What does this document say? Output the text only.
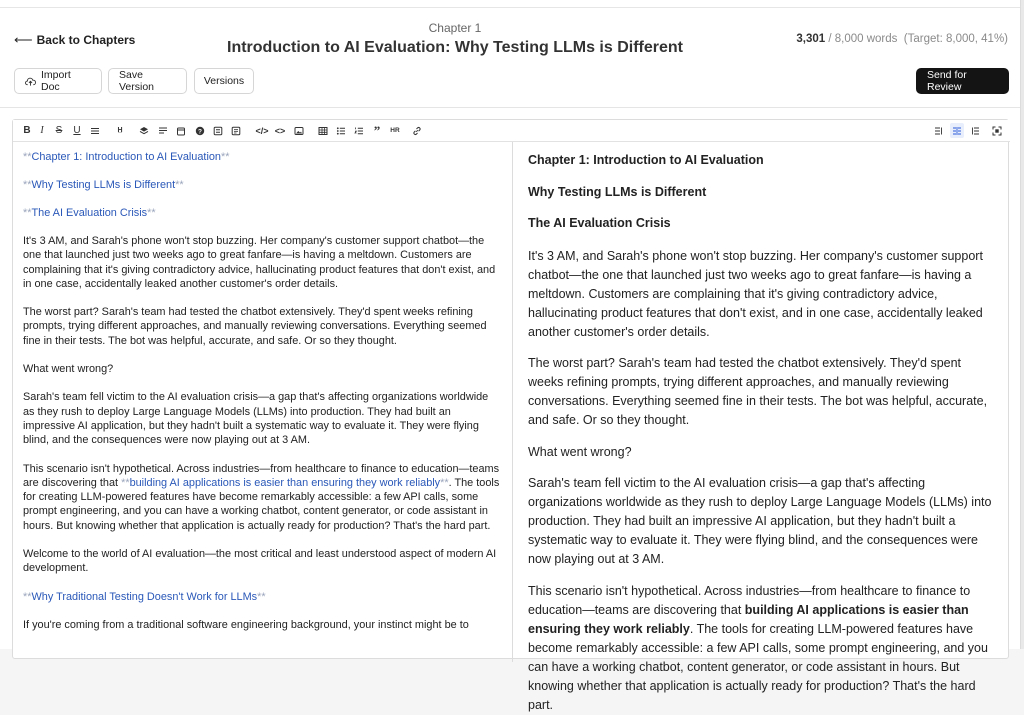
⟵ Back to Chapters
Chapter 1
Introduction to AI Evaluation: Why Testing LLMs is Different	3,301 / 8,000 words (Target: 8,000, 41%)
Import Doc
Save Version	Versions	Send for Review
B I	S	U	H̲	?	</> <>	”	HR
**Chapter 1: Introduction to AI Evaluation**
**Why Testing LLMs is Different**
**The AI Evaluation Crisis**
It's 3 AM, and Sarah's phone won't stop buzzing. Her company's customer support chatbot—the one that launched just two weeks ago to great fanfare—is having a meltdown. Customers are complaining that it's giving contradictory advice, hallucinating product features that don't exist, and in one case, accidentally leaked another customer's order details.
The worst part? Sarah's team had tested the chatbot extensively. They'd spent weeks refining prompts, trying different approaches, and manually reviewing conversations. Everything seemed fine in their tests. The bot was helpful, accurate, and safe. Or so they thought.
What went wrong?
Sarah's team fell victim to the AI evaluation crisis—a gap that's affecting organizations worldwide as they rush to deploy Large Language Models (LLMs) into production. They had built an impressive AI application, but they hadn't built a systematic way to evaluate it. They were flying blind, and the consequences were now playing out at 3 AM.
This scenario isn't hypothetical. Across industries—from healthcare to finance to education—teams are discovering that **building AI applications is easier than ensuring they work reliably**. The tools for creating LLM-powered features have become remarkably accessible: a few API calls, some prompt engineering, and you can have a working chatbot, content generator, or code assistant in hours. But knowing whether that application is actually ready for production? That's the hard part.
Welcome to the world of AI evaluation—the most critical and least understood aspect of modern AI development.
**Why Traditional Testing Doesn't Work for LLMs**
If you're coming from a traditional software engineering background, your instinct might be to
Chapter 1: Introduction to AI Evaluation
Why Testing LLMs is Different
The AI Evaluation Crisis
It's 3 AM, and Sarah's phone won't stop buzzing. Her company's customer support chatbot—the one that launched just two weeks ago to great fanfare—is having a meltdown. Customers are complaining that it's giving contradictory advice, hallucinating product features that don't exist, and in one case, accidentally leaked another customer's order details.
The worst part? Sarah's team had tested the chatbot extensively. They'd spent weeks refining prompts, trying different approaches, and manually reviewing conversations. Everything seemed fine in their tests. The bot was helpful, accurate, and safe. Or so they thought.
What went wrong?
Sarah's team fell victim to the AI evaluation crisis—a gap that's affecting organizations worldwide as they rush to deploy Large Language Models (LLMs) into production. They had built an impressive AI application, but they hadn't built a systematic way to evaluate it. They were flying blind, and the consequences were now playing out at 3 AM.
This scenario isn't hypothetical. Across industries—from healthcare to finance to education—teams are discovering that building AI applications is easier than ensuring they work reliably. The tools for creating LLM-powered features have become remarkably accessible: a few API calls, some prompt engineering, and you can have a working chatbot, content generator, or code assistant in hours. But knowing whether that application is actually ready for production? That's the hard part.
